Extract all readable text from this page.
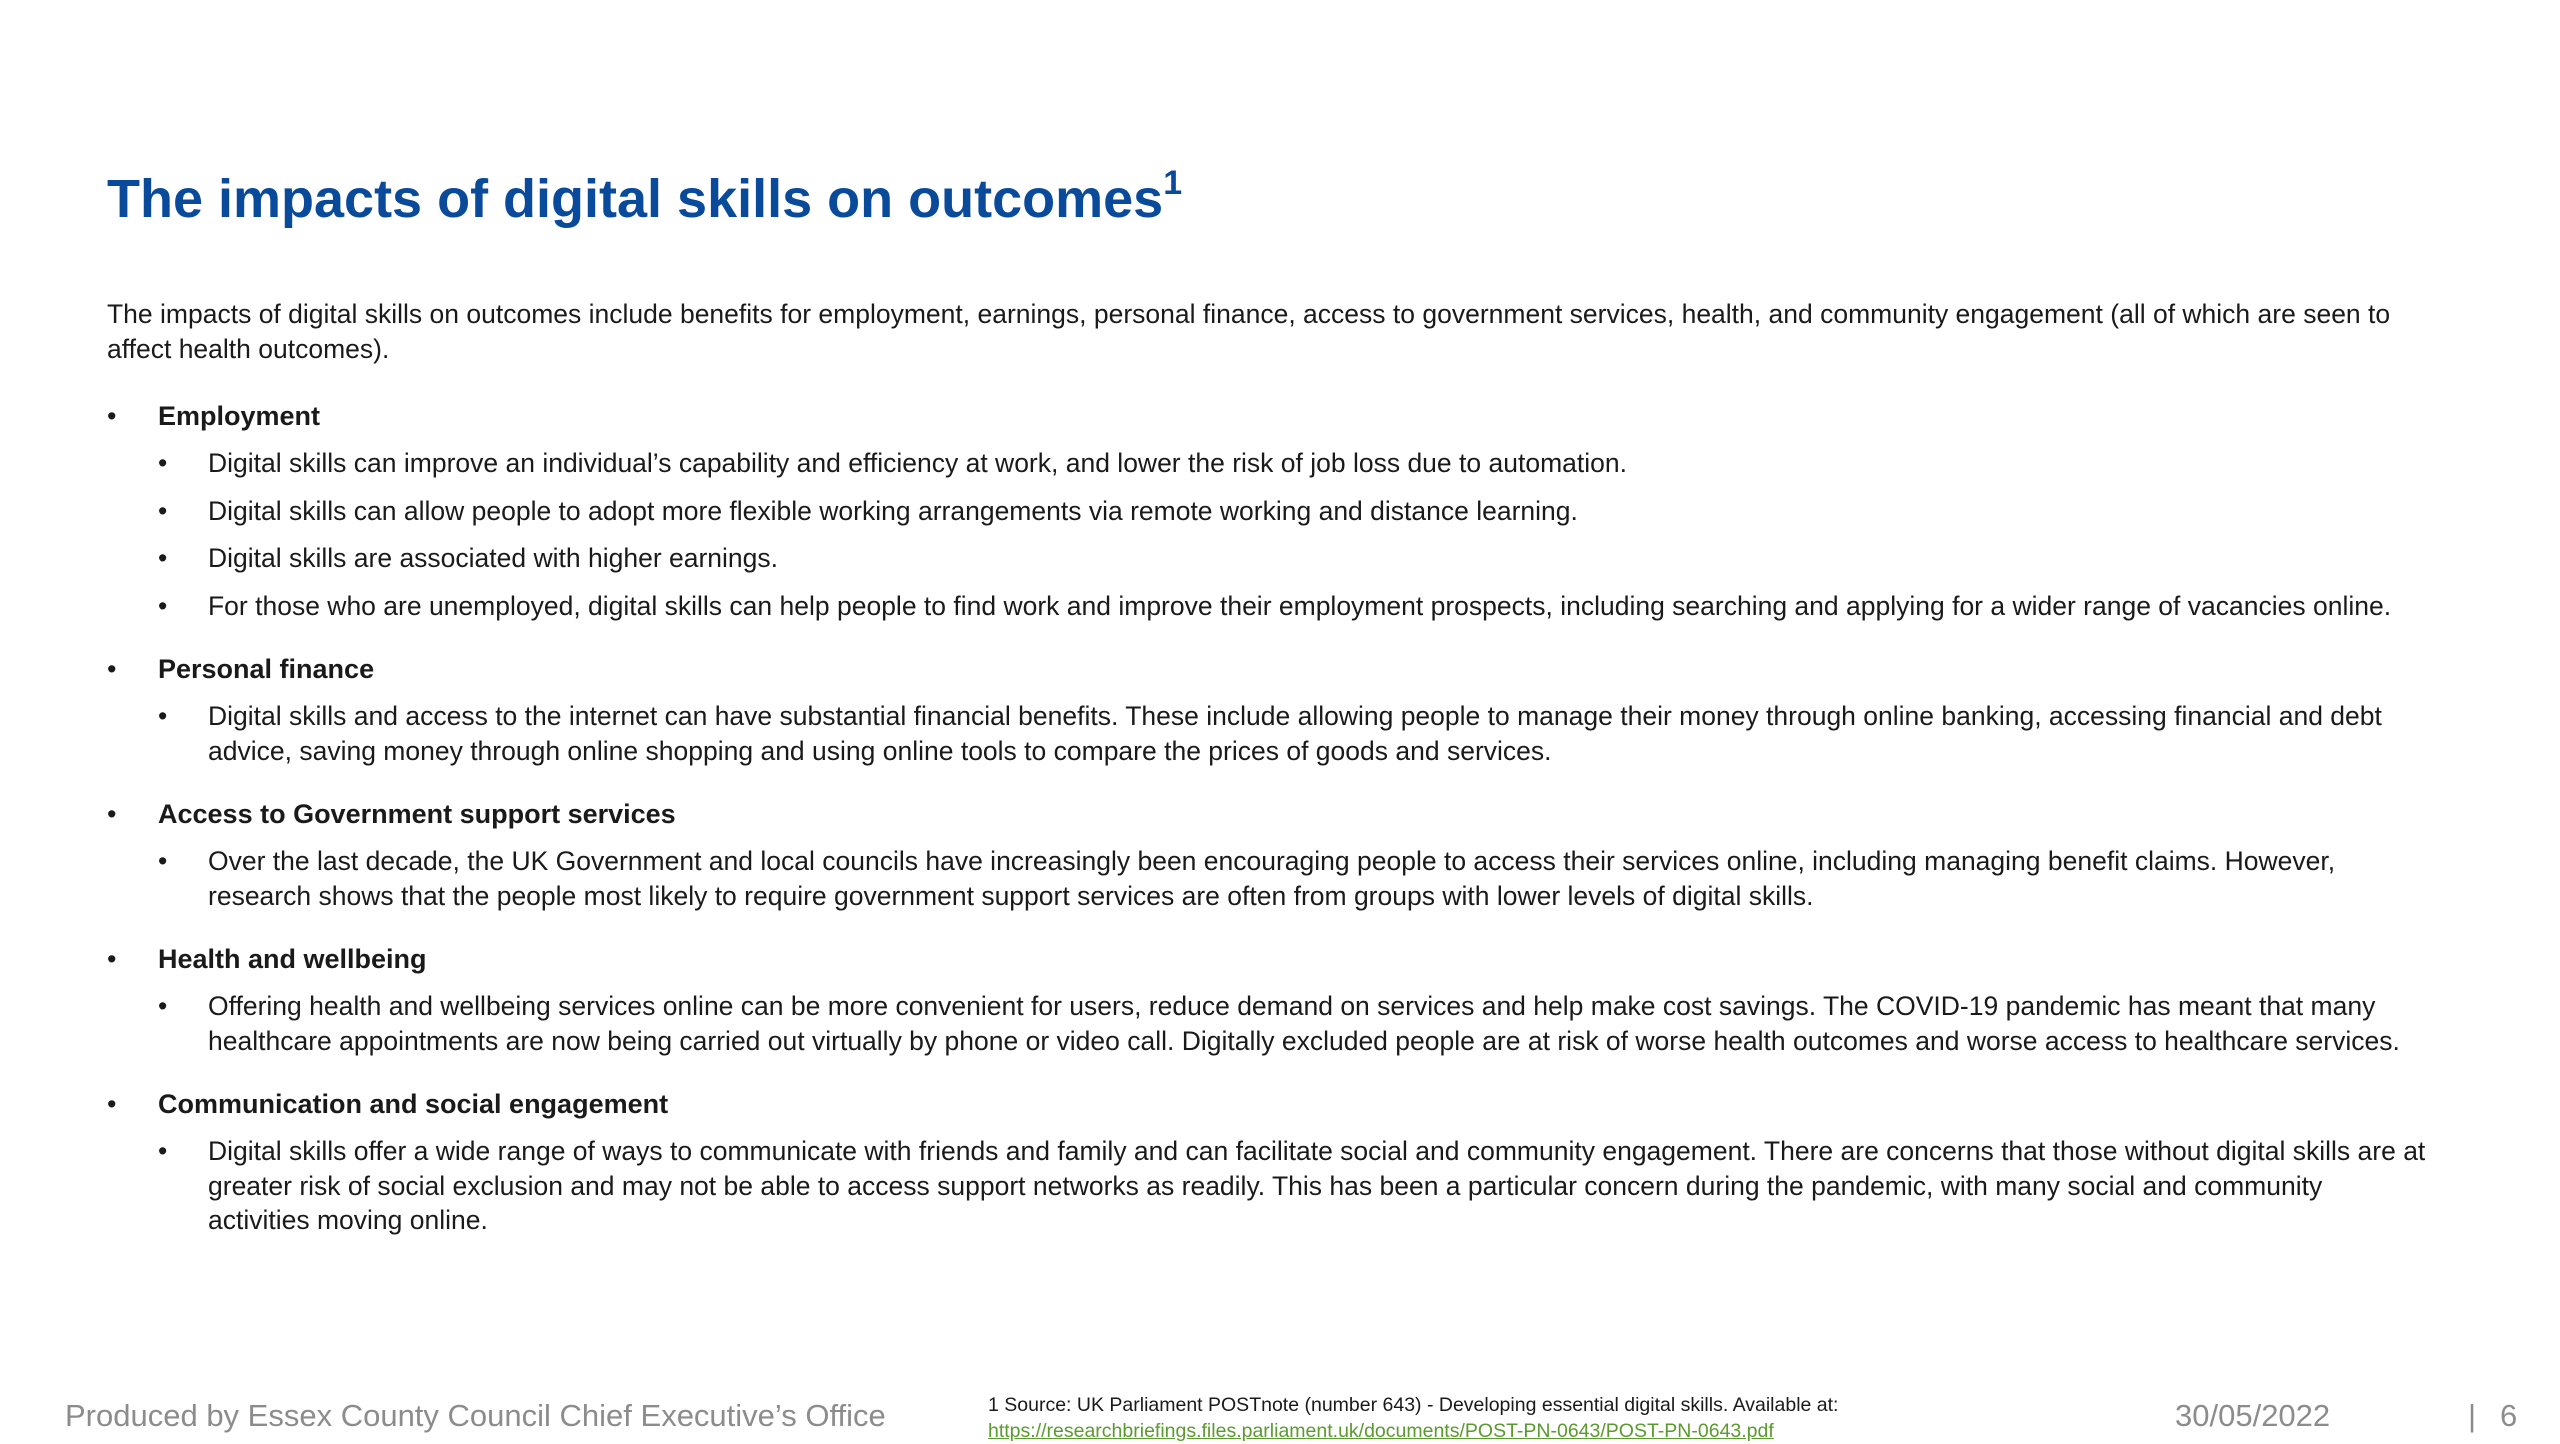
The impacts of digital skills on outcomes$^1$

The impacts of digital skills on outcomes include benefits for employment, earnings, personal finance, access to government services, health, and community engagement (all of which are seen to affect health outcomes).

• Employment
• Digital skills can improve an individual’s capability and efficiency at work, and lower the risk of job loss due to automation.
• Digital skills can allow people to adopt more flexible working arrangements via remote working and distance learning.
• Digital skills are associated with higher earnings.
• For those who are unemployed, digital skills can help people to find work and improve their employment prospects, including searching and applying for a wider range of vacancies online.
• Personal finance
• Digital skills and access to the internet can have substantial financial benefits. These include allowing people to manage their money through online banking, accessing financial and debt advice, saving money through online shopping and using online tools to compare the prices of goods and services.
• Access to Government support services
• Over the last decade, the UK Government and local councils have increasingly been encouraging people to access their services online, including managing benefit claims. However, research shows that the people most likely to require government support services are often from groups with lower levels of digital skills.
• Health and wellbeing
• Offering health and wellbeing services online can be more convenient for users, reduce demand on services and help make cost savings. The COVID-19 pandemic has meant that many healthcare appointments are now being carried out virtually by phone or video call. Digitally excluded people are at risk of worse health outcomes and worse access to healthcare services.
• Communication and social engagement
• Digital skills offer a wide range of ways to communicate with friends and family and can facilitate social and community engagement. There are concerns that those without digital skills are at greater risk of social exclusion and may not be able to access support networks as readily. This has been a particular concern during the pandemic, with many social and community activities moving online.
Produced by Essex County Council Chief Executive’s Office	1 Source: UK Parliament POSTnote (number 643) - Developing essential digital skills. Available at:
https://researchbriefings.files.parliament.uk/documents/POST-PN-0643/POST-PN-0643.pdf	30/05/2022	| 6
